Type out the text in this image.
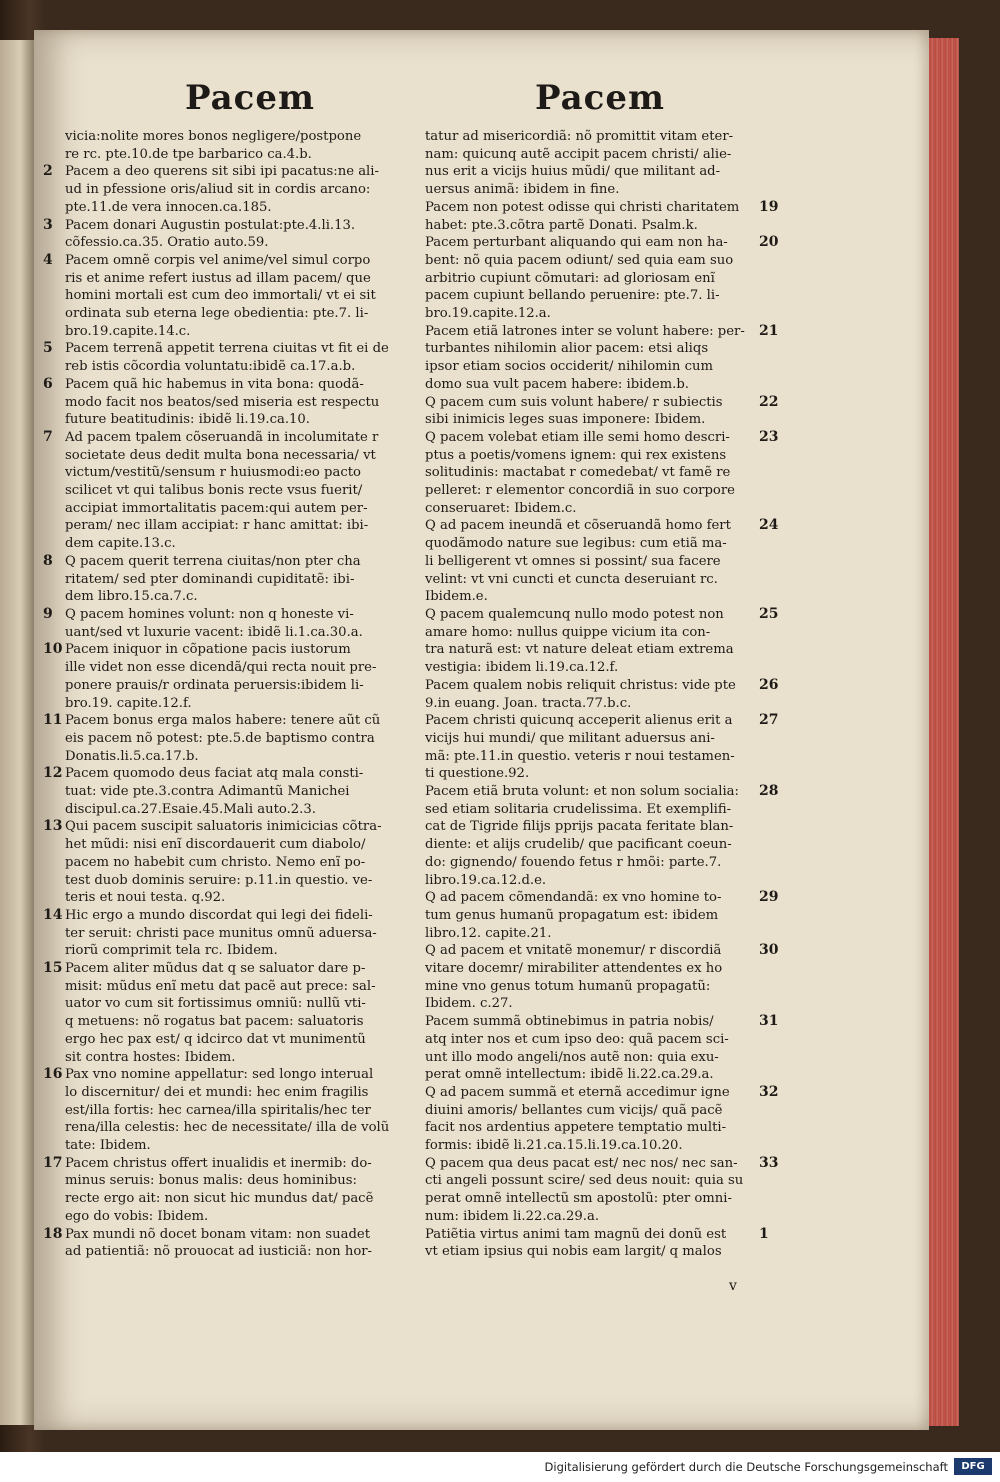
Pacem	Pacem
vicia:nolite mores bonos negligere/postpone
re rc. pte.10.de tpe barbarico ca.4.b.
2 Pacem a deo querens sit sibi ipi pacatus:ne ali-
ud in pfessione oris/aliud sit in cordis arcano:
pte.11.de vera innocen.ca.185.
3 Pacem donari Augustin postulat:pte.4.li.13.
cõfessio.ca.35. Oratio auto.59.
4 Pacem omnẽ corpis vel anime/vel simul corpo
ris et anime refert iustus ad illam pacem/ que
homini mortali est cum deo immortali/ vt ei sit
ordinata sub eterna lege obedientia: pte.7. li-
bro.19.capite.14.c.
5 Pacem terrenã appetit terrena ciuitas vt fit ei de
reb istis cõcordia voluntatu:ibidẽ ca.17.a.b.
6 Pacem quã hic habemus in vita bona: quodã-
modo facit nos beatos/sed miseria est respectu
future beatitudinis: ibidẽ li.19.ca.10.
7 Ad pacem tpalem cõseruandã in incolumitate r
societate deus dedit multa bona necessaria/ vt
victum/vestitũ/sensum r huiusmodi:eo pacto
scilicet vt qui talibus bonis recte vsus fuerit/
accipiat immortalitatis pacem:qui autem per-
peram/ nec illam accipiat: r hanc amittat: ibi-
dem capite.13.c.
8 Q pacem querit terrena ciuitas/non pter cha
ritatem/ sed pter dominandi cupiditatẽ: ibi-
dem libro.15.ca.7.c.
9 Q pacem homines volunt: non q honeste vi-
uant/sed vt luxurie vacent: ibidẽ li.1.ca.30.a.
10 Pacem iniquor in cõpatione pacis iustorum
ille videt non esse dicendã/qui recta nouit pre-
ponere prauis/r ordinata peruersis:ibidem li-
bro.19. capite.12.f.
11 Pacem bonus erga malos habere: tenere aũt cũ
eis pacem nõ potest: pte.5.de baptismo contra
Donatis.li.5.ca.17.b.
12 Pacem quomodo deus faciat atq mala consti-
tuat: vide pte.3.contra Adimantũ Manichei
discipul.ca.27.Esaie.45.Mali auto.2.3.
13 Qui pacem suscipit saluatoris inimicicias cõtra-
het mũdi: nisi enĩ discordauerit cum diabolo/
pacem no habebit cum christo. Nemo enĩ po-
test duob dominis seruire: p.11.in questio. ve-
teris et noui testa. q.92.
14 Hic ergo a mundo discordat qui legi dei fideli-
ter seruit: christi pace munitus omnũ aduersa-
riorũ comprimit tela rc. Ibidem.
15 Pacem aliter mũdus dat q se saluator dare p-
misit: mũdus enĩ metu dat pacẽ aut prece: sal-
uator vo cum sit fortissimus omniũ: nullũ vti-
q metuens: nõ rogatus bat pacem: saluatoris
ergo hec pax est/ q idcirco dat vt munimentũ
sit contra hostes: Ibidem.
16 Pax vno nomine appellatur: sed longo interual
lo discernitur/ dei et mundi: hec enim fragilis
est/illa fortis: hec carnea/illa spiritalis/hec ter
rena/illa celestis: hec de necessitate/ illa de volũ
tate: Ibidem.
17 Pacem christus offert inualidis et inermib: do-
minus seruis: bonus malis: deus hominibus:
recte ergo ait: non sicut hic mundus dat/ pacẽ
ego do vobis: Ibidem.
18 Pax mundi nõ docet bonam vitam: non suadet
ad patientiã: nõ prouocat ad iusticiã: non hor-
tatur ad misericordiã: nõ promittit vitam eter-
nam: quicunq autẽ accipit pacem christi/ alie-
nus erit a vicijs huius mũdi/ que militant ad-
uersus animã: ibidem in fine.
19
Pacem non potest odisse qui christi charitatem
habet: pte.3.cõtra partẽ Donati. Psalm.k.
20
Pacem perturbant aliquando qui eam non ha-
bent: nõ quia pacem odiunt/ sed quia eam suo
arbitrio cupiunt cõmutari: ad gloriosam enĩ
pacem cupiunt bellando peruenire: pte.7. li-
bro.19.capite.12.a.
21
Pacem etiã latrones inter se volunt habere: per-
turbantes nihilomin alior pacem: etsi aliqs
ipsor etiam socios occiderit/ nihilomin cum
domo sua vult pacem habere: ibidem.b.
22
Q pacem cum suis volunt habere/ r subiectis
sibi inimicis leges suas imponere: Ibidem.
23
Q pacem volebat etiam ille semi homo descri-
ptus a poetis/vomens ignem: qui rex existens
solitudinis: mactabat r comedebat/ vt famẽ re
pelleret: r elementor concordiã in suo corpore
conseruaret: Ibidem.c.
24
Q ad pacem ineundã et cõseruandã homo fert
quodãmodo nature sue legibus: cum etiã ma-
li belligerent vt omnes si possint/ sua facere
velint: vt vni cuncti et cuncta deseruiant rc.
Ibidem.e.
25
Q pacem qualemcunq nullo modo potest non
amare homo: nullus quippe vicium ita con-
tra naturã est: vt nature deleat etiam extrema
vestigia: ibidem li.19.ca.12.f.
26
Pacem qualem nobis reliquit christus: vide pte
9.in euang. Joan. tracta.77.b.c.
27
Pacem christi quicunq acceperit alienus erit a
vicijs hui mundi/ que militant aduersus ani-
mã: pte.11.in questio. veteris r noui testamen-
ti questione.92.
28
Pacem etiã bruta volunt: et non solum socialia:
sed etiam solitaria crudelissima. Et exemplifi-
cat de Tigride filijs pprijs pacata feritate blan-
diente: et alijs crudelib/ que pacificant coeun-
do: gignendo/ fouendo fetus r hmõi: parte.7.
libro.19.ca.12.d.e.
29
Q ad pacem cõmendandã: ex vno homine to-
tum genus humanũ propagatum est: ibidem
libro.12. capite.21.
30
Q ad pacem et vnitatẽ monemur/ r discordiã
vitare docemr/ mirabiliter attendentes ex ho
mine vno genus totum humanũ propagatũ:
Ibidem. c.27.
31
Pacem summã obtinebimus in patria nobis/
atq inter nos et cum ipso deo: quã pacem sci-
unt illo modo angeli/nos autẽ non: quia exu-
perat omnẽ intellectum: ibidẽ li.22.ca.29.a.
32
Q ad pacem summã et eternã accedimur igne
diuini amoris/ bellantes cum vicijs/ quã pacẽ
facit nos ardentius appetere temptatio multi-
formis: ibidẽ li.21.ca.15.li.19.ca.10.20.
33
Q pacem qua deus pacat est/ nec nos/ nec san-
cti angeli possunt scire/ sed deus nouit: quia su
perat omnẽ intellectũ sm apostolũ: pter omni-
num: ibidem li.22.ca.29.a.
1
Patiẽtia virtus animi tam magnũ dei donũ est
vt etiam ipsius qui nobis eam largit/ q malos
v
Digitalisierung gefördert durch die Deutsche Forschungsgemeinschaft	DFG
